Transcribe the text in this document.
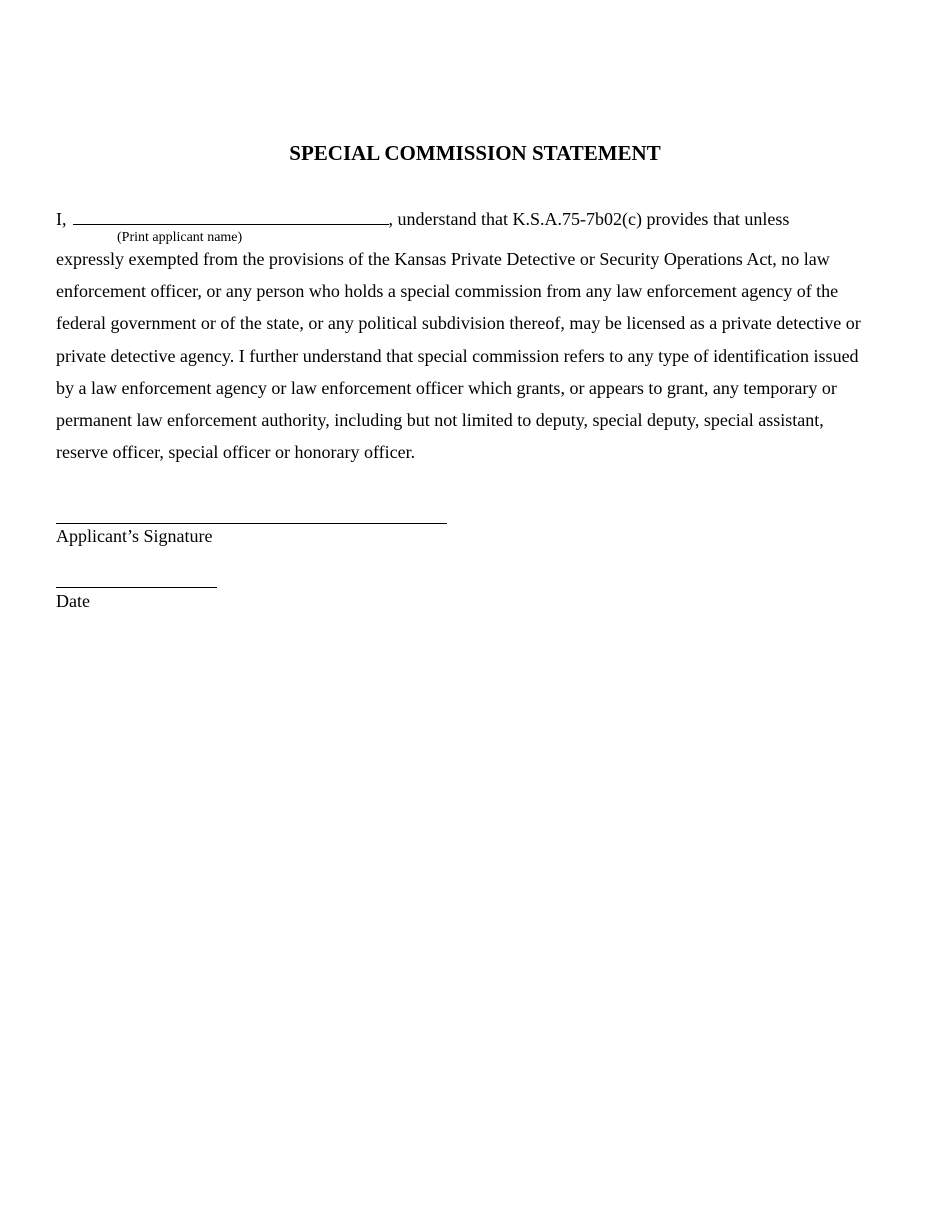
SPECIAL COMMISSION STATEMENT
I,	, understand that K.S.A.75-7b02(c) provides that unless
(Print applicant name)

expressly exempted from the provisions of the Kansas Private Detective or Security Operations Act, no law
enforcement officer, or any person who holds a special commission from any law enforcement agency of the
federal government or of the state, or any political subdivision thereof, may be licensed as a private detective or
private detective agency. I further understand that special commission refers to any type of identification issued
by a law enforcement agency or law enforcement officer which grants, or appears to grant, any temporary or
permanent law enforcement authority, including but not limited to deputy, special deputy, special assistant,
reserve officer, special officer or honorary officer.

Applicant’s Signature
Date
